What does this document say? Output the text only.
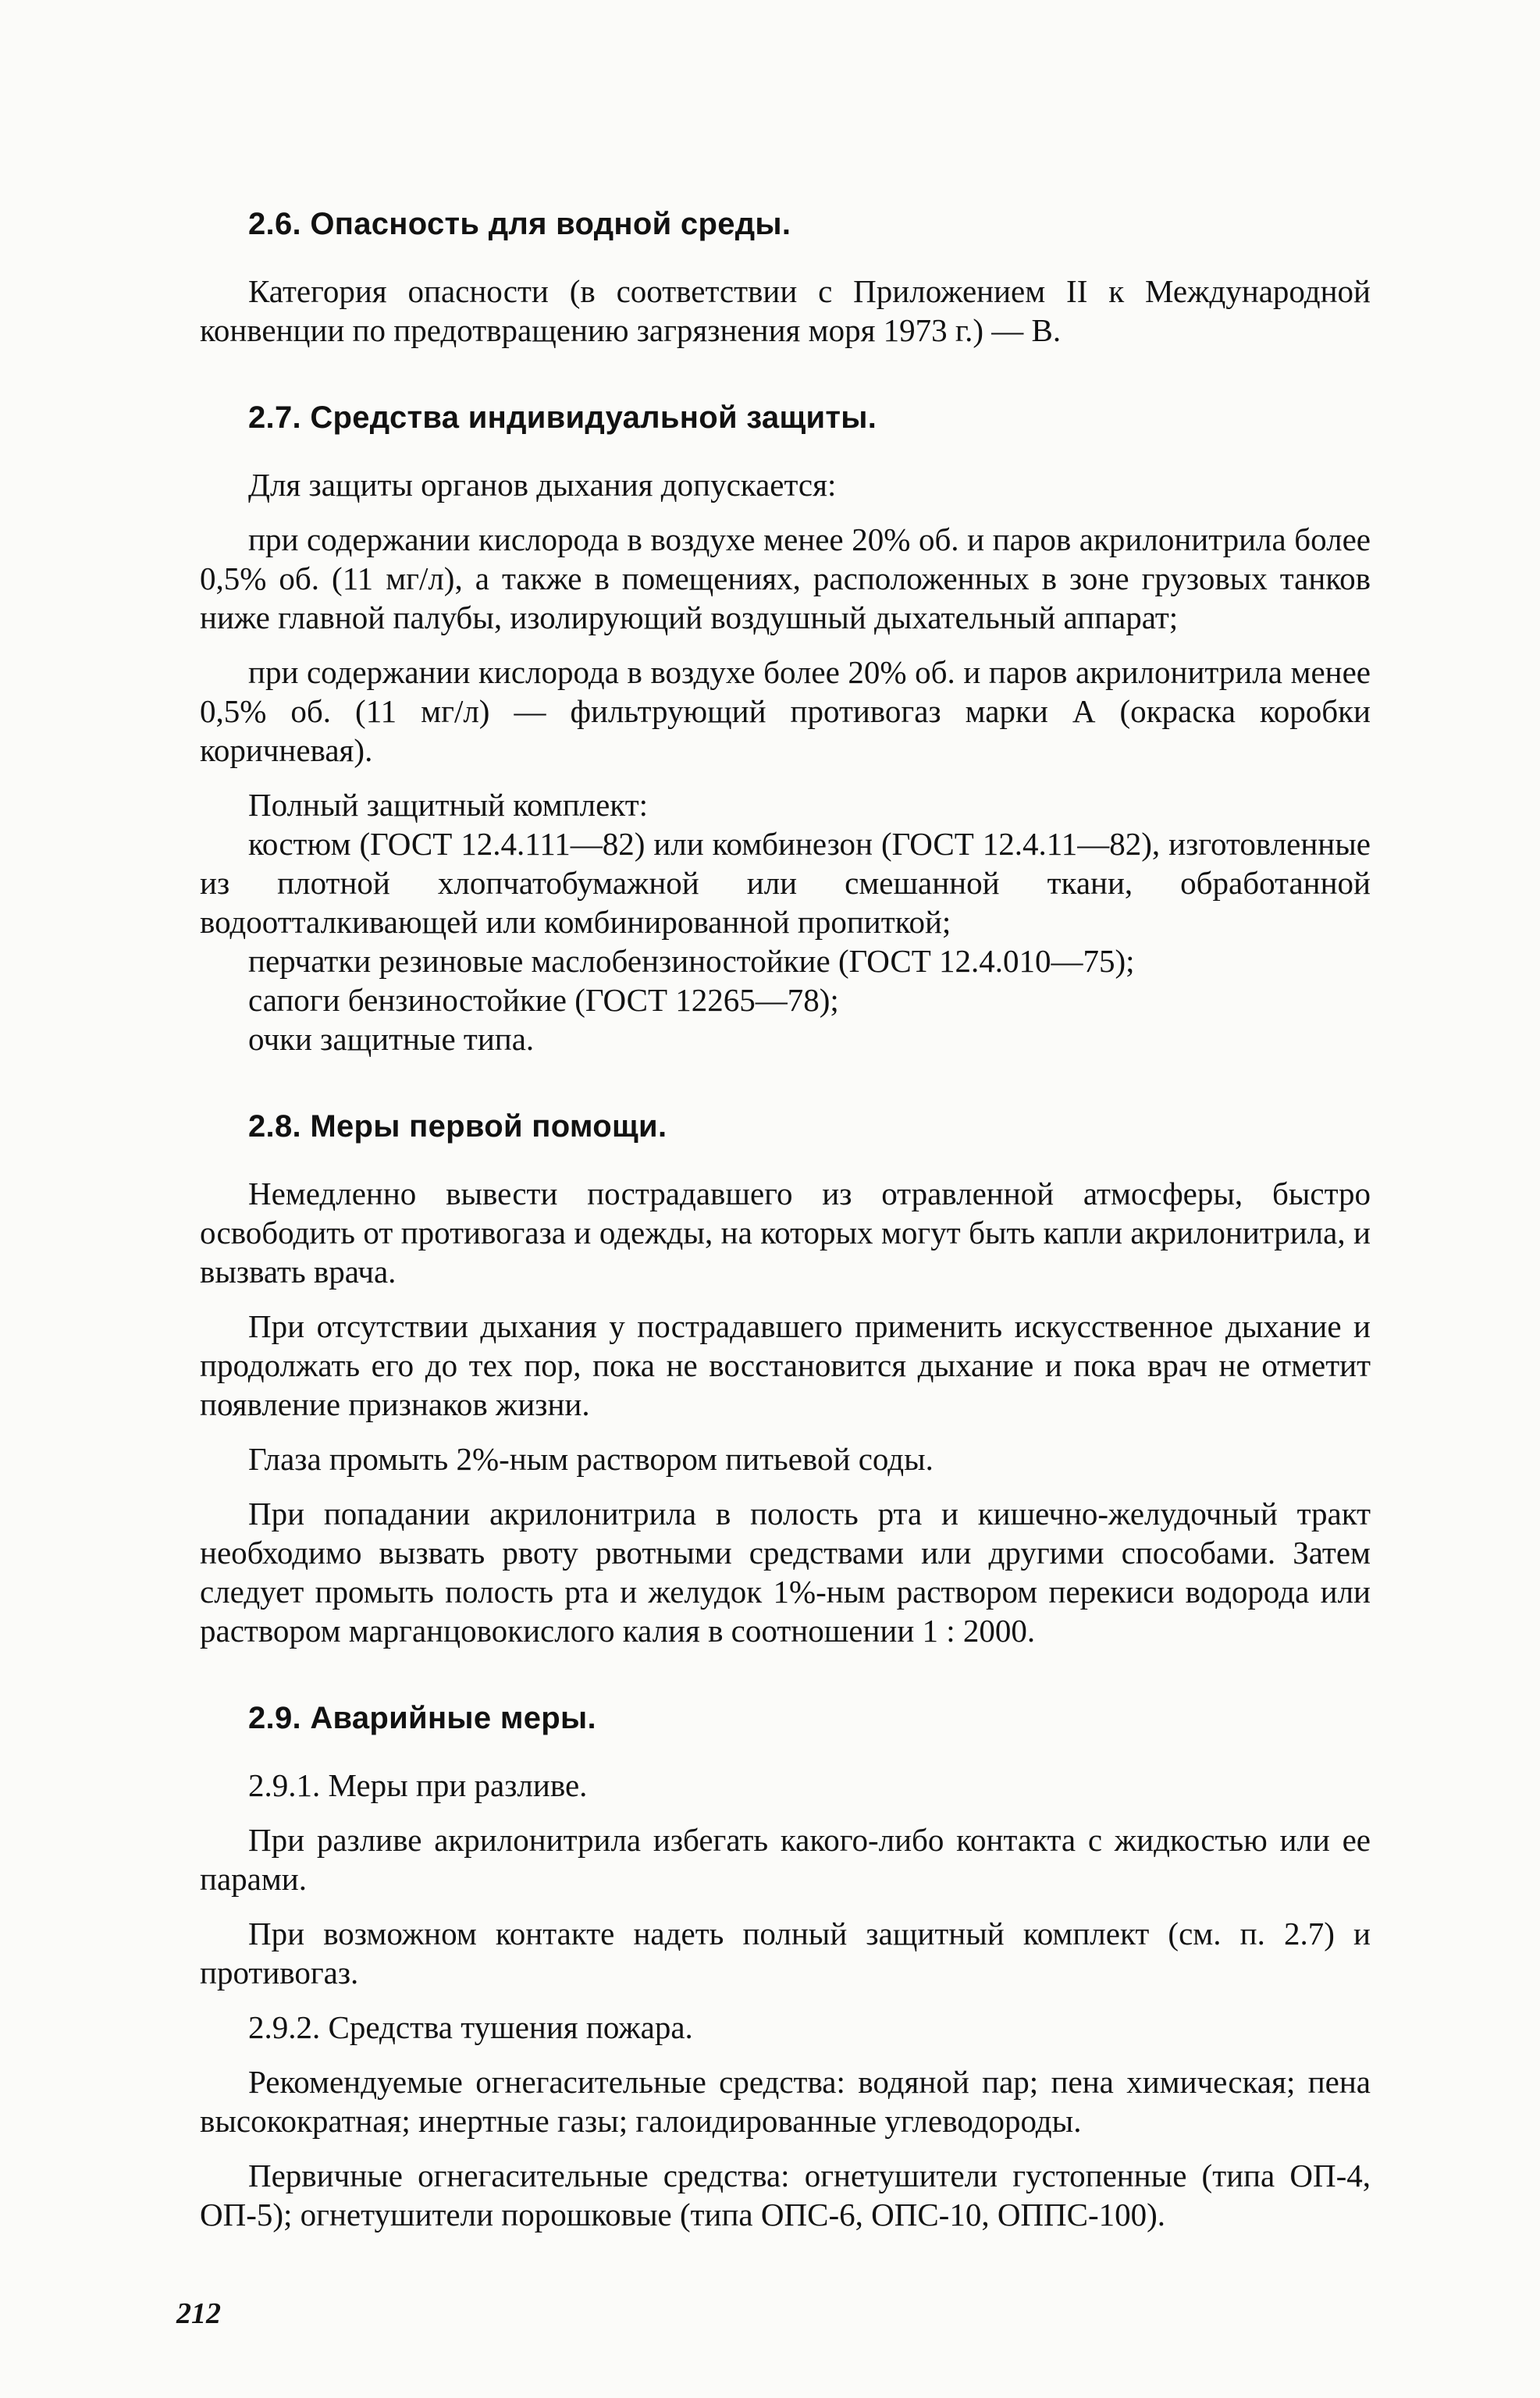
2.6. Опасность для водной среды.

Категория опасности (в соответствии с Приложением II к Международной конвенции по предотвращению загрязнения моря 1973 г.) — В.

2.7. Средства индивидуальной защиты.

Для защиты органов дыхания допускается:

при содержании кислорода в воздухе менее 20% об. и паров акрилонитрила более 0,5% об. (11 мг/л), а также в помещениях, расположенных в зоне грузовых танков ниже главной палубы, изолирующий воздушный дыхательный аппарат;

при содержании кислорода в воздухе более 20% об. и паров акрилонитрила менее 0,5% об. (11 мг/л) — фильтрующий противогаз марки А (окраска коробки коричневая).

Полный защитный комплект:

костюм (ГОСТ 12.4.111—82) или комбинезон (ГОСТ 12.4.11—82), изготовленные из плотной хлопчатобумажной или смешанной ткани, обработанной водоотталкивающей или комбинированной пропиткой;

перчатки резиновые маслобензиностойкие (ГОСТ 12.4.010—75);

сапоги бензиностойкие (ГОСТ 12265—78);

очки защитные типа.

2.8. Меры первой помощи.

Немедленно вывести пострадавшего из отравленной атмосферы, быстро освободить от противогаза и одежды, на которых могут быть капли акрилонитрила, и вызвать врача.

При отсутствии дыхания у пострадавшего применить искусственное дыхание и продолжать его до тех пор, пока не восстановится дыхание и пока врач не отметит появление признаков жизни.

Глаза промыть 2%-ным раствором питьевой соды.

При попадании акрилонитрила в полость рта и кишечно-желудочный тракт необходимо вызвать рвоту рвотными средствами или другими способами. Затем следует промыть полость рта и желудок 1%-ным раствором перекиси водорода или раствором марганцовокислого калия в соотношении 1 : 2000.

2.9. Аварийные меры.

2.9.1. Меры при разливе.

При разливе акрилонитрила избегать какого-либо контакта с жидкостью или ее парами.

При возможном контакте надеть полный защитный комплект (см. п. 2.7) и противогаз.

2.9.2. Средства тушения пожара.

Рекомендуемые огнегасительные средства: водяной пар; пена химическая; пена высокократная; инертные газы; галоидированные углеводороды.

Первичные огнегасительные средства: огнетушители густопенные (типа ОП-4, ОП-5); огнетушители порошковые (типа ОПС-6, ОПС-10, ОППС-100).

212
